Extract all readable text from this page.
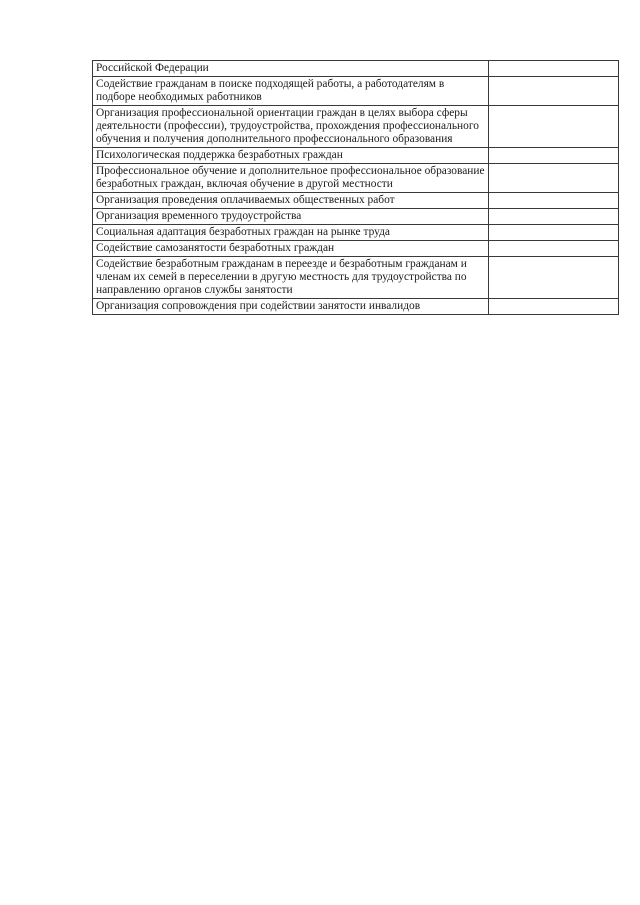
Российской Федерации	
Содействие гражданам в поиске подходящей работы, а работодателям в подборе необходимых работников	
Организация профессиональной ориентации граждан в целях выбора сферы деятельности (профессии), трудоустройства, прохождения профессионального обучения и получения дополнительного профессионального образования	
Психологическая поддержка безработных граждан	
Профессиональное обучение и дополнительное профессиональное образование безработных граждан, включая обучение в другой местности	
Организация проведения оплачиваемых общественных работ	
Организация временного трудоустройства	
Социальная адаптация безработных граждан на рынке труда	
Содействие самозанятости безработных граждан	
Содействие безработным гражданам в переезде и безработным гражданам и членам их семей в переселении в другую местность для трудоустройства по направлению органов службы занятости	
Организация сопровождения при содействии занятости инвалидов	
